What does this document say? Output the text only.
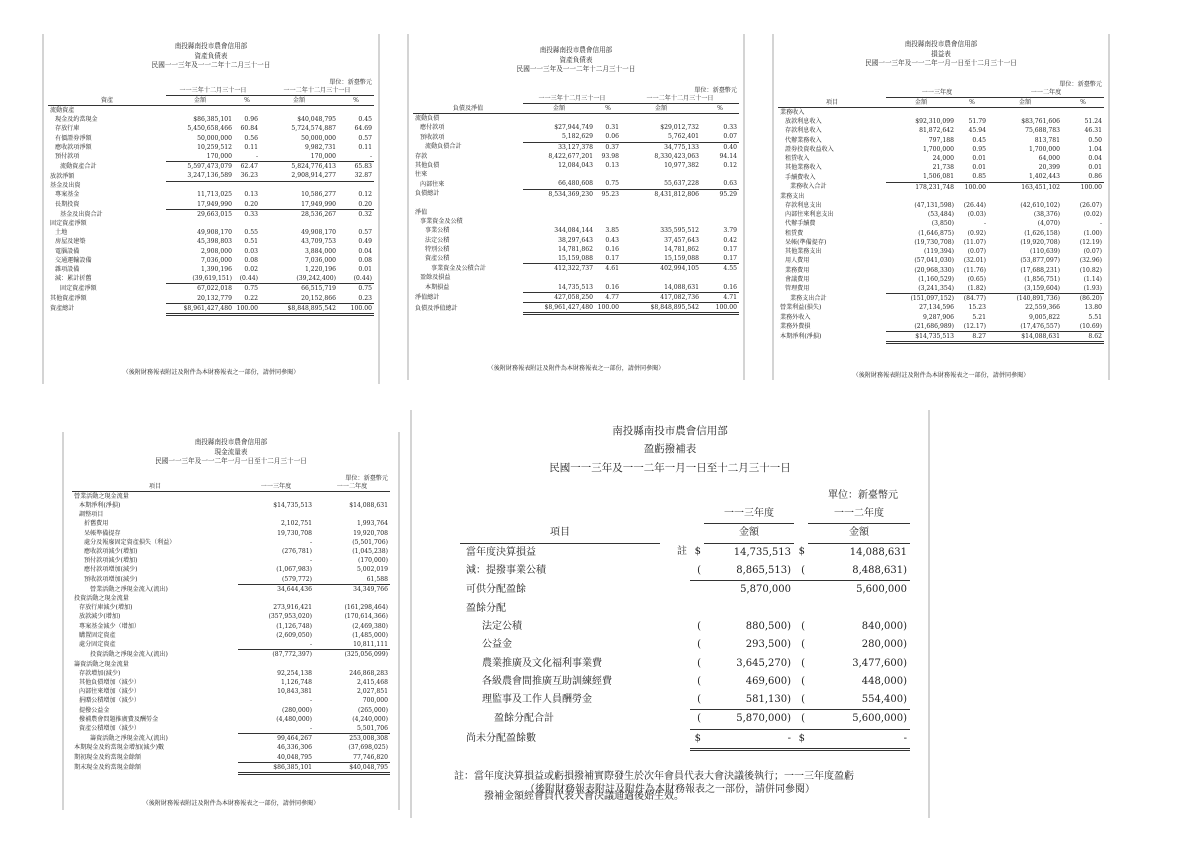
南投縣南投市農會信用部
資產負債表
民國一一三年及一一二年十二月三十一日
單位：新臺幣元
	一一三年十二月三十一日		一一二年十二月三十一日	
資產	金額	%	金額	%
流動資產				
現金及約當現金	$86,385,101	0.96	$40,048,795	0.45
存放行庫	5,450,658,466	60.84	5,724,574,887	64.69
有價證券淨額	50,000,000	0.56	50,000,000	0.57
應收款項淨額	10,259,512	0.11	9,982,731	0.11
預付款項	170,000	-	170,000	-
流動資產合計	5,597,473,079	62.47	5,824,776,413	65.83
放款淨額	3,247,136,589	36.23	2,908,914,277	32.87
基金及出資				
專案基金	11,713,025	0.13	10,586,277	0.12
長期投資	17,949,990	0.20	17,949,990	0.20
基金及出資合計	29,663,015	0.33	28,536,267	0.32
固定資產淨額				
土地	49,908,170	0.55	49,908,170	0.57
房屋及建築	45,398,803	0.51	43,709,753	0.49
電腦設備	2,908,000	0.03	3,884,000	0.04
交通運輸設備	7,036,000	0.08	7,036,000	0.08
雜項設備	1,390,196	0.02	1,220,196	0.01
減：累計折舊	(39,619,151)	(0.44)	(39,242,400)	(0.44)
固定資產淨額	67,022,018	0.75	66,515,719	0.75
其他資產淨額	20,132,779	0.22	20,152,866	0.23
資產總計	$8,961,427,480	100.00	$8,848,895,542	100.00
（後附財務報表附註及附件為本財務報表之一部份，請併同參閱）
南投縣南投市農會信用部
資產負債表
民國一一三年及一一二年十二月三十一日
單位：新臺幣元
	一一三年十二月三十一日		一一二年十二月三十一日	
負債及淨值	金額	%	金額	%
流動負債				
應付款項	$27,944,749	0.31	$29,012,732	0.33
預收款項	5,182,629	0.06	5,762,401	0.07
流動負債合計	33,127,378	0.37	34,775,133	0.40
存款	8,422,677,201	93.98	8,330,423,063	94.14
其他負債	12,084,043	0.13	10,977,382	0.12
往來				
內部往來	66,480,608	0.75	55,637,228	0.63
負債總計	8,534,369,230	95.23	8,431,812,806	95.29

淨值				
事業資金及公積				
事業公積	344,084,144	3.85	335,595,512	3.79
法定公積	38,297,643	0.43	37,457,643	0.42
特別公積	14,781,862	0.16	14,781,862	0.17
資產公積	15,159,088	0.17	15,159,088	0.17
事業資金及公積合計	412,322,737	4.61	402,994,105	4.55
盈餘及損益				
本期損益	14,735,513	0.16	14,088,631	0.16
淨值總計	427,058,250	4.77	417,082,736	4.71
負債及淨值總計	$8,961,427,480	100.00	$8,848,895,542	100.00
（後附財務報表附註及附件為本財務報表之一部份，請併同參閱）
南投縣南投市農會信用部
損益表
民國一一三年及一一二年一月一日至十二月三十一日
單位：新臺幣元
	一一三年度		一一二年度	
項目	金額	%	金額	%
業務收入				
放款利息收入	$92,310,099	51.79	$83,761,606	51.24
存款利息收入	81,872,642	45.94	75,688,783	46.31
代辦業務收入	797,188	0.45	813,781	0.50
證券投資收益收入	1,700,000	0.95	1,700,000	1.04
租賃收入	24,000	0.01	64,000	0.04
其他業務收入	21,738	0.01	20,399	0.01
手續費收入	1,506,081	0.85	1,402,443	0.86
業務收入合計	178,231,748	100.00	163,451,102	100.00
業務支出				
存款利息支出	(47,131,598)	(26.44)	(42,610,102)	(26.07)
內部往來利息支出	(53,484)	(0.03)	(38,376)	(0.02)
代辦手續費	(3,850)	-	(4,070)	-
租賃費	(1,646,875)	(0.92)	(1,626,158)	(1.00)
呆帳(準備提存)	(19,730,708)	(11.07)	(19,920,708)	(12.19)
其他業務支出	(119,394)	(0.07)	(110,639)	(0.07)
用人費用	(57,041,030)	(32.01)	(53,877,097)	(32.96)
業務費用	(20,968,330)	(11.76)	(17,688,231)	(10.82)
會議費用	(1,160,529)	(0.65)	(1,856,751)	(1.14)
管理費用	(3,241,354)	(1.82)	(3,159,604)	(1.93)
業務支出合計	(151,097,152)	(84.77)	(140,891,736)	(86.20)
營業利益(損失)	27,134,596	15.23	22,559,366	13.80
業務外收入	9,287,906	5.21	9,005,822	5.51
業務外費損	(21,686,989)	(12.17)	(17,476,557)	(10.69)
本期淨利(淨損)	$14,735,513	8.27	$14,088,631	8.62
（後附財務報表附註及附件為本財務報表之一部份，請併同參閱）
南投縣南投市農會信用部
現金流量表
民國一一三年及一一二年一月一日至十二月三十一日
單位：新臺幣元
項目	一一三年度	一一二年度
營業活動之現金流量		
本期淨利(淨損)	$14,735,513	$14,088,631
調整項目		
折舊費用	2,102,751	1,993,764
呆帳準備提存	19,730,708	19,920,708
處分及報廢固定資產損失（利益）	-	(5,501,706)
應收款項減少(增加)	(276,781)	(1,045,238)
預付款項減少(增加)	-	(170,000)
應付款項增加(減少)	(1,067,983)	5,002,019
預收款項增加(減少)	(579,772)	61,588
營業活動之淨現金流入(流出)	34,644,436	34,349,766
投資活動之現金流量		
存放行庫減少(增加)	273,916,421	(161,298,464)
放款減少(增加)	(357,953,020)	(170,614,366)
專案基金減少（增加）	(1,126,748)	(2,469,380)
購置固定資產	(2,609,050)	(1,485,000)
處分固定資產	-	10,811,111
投資活動之淨現金流入(流出)	(87,772,397)	(325,056,099)
籌資活動之現金流量		
存款增加(減少)	92,254,138	246,868,283
其他負債增加（減少）	1,126,748	2,415,468
內部往來增加（減少）	10,843,381	2,027,851
捐贈公積增加（減少）	-	700,000
提撥公益金	(280,000)	(265,000)
撥補農會問題推廣費及酬勞金	(4,480,000)	(4,240,000)
資產公積增加（減少）	-	5,501,706
籌資活動之淨現金流入(流出)	99,464,267	253,008,308
本期現金及約當現金增加(減少)數	46,336,306	(37,698,025)
期初現金及約當現金餘額	40,048,795	77,746,820
期末現金及約當現金餘額	$86,385,101	$40,048,795
（後附財務報表附註及附件為本財務報表之一部份，請併同參閱）
南投縣南投市農會信用部
盈虧撥補表
民國一一三年及一一二年一月一日至十二月三十一日
單位：新臺幣元
			一一三年度		一一二年度
項目			金額		金額
當年度決算損益	註	$	14,735,513	$	14,088,631
減：提撥事業公積		(	8,865,513)	(	8,488,631)
可供分配盈餘			5,870,000		5,600,000
盈餘分配					
法定公積		(	880,500)	(	840,000)
公益金		(	293,500)	(	280,000)
農業推廣及文化福利事業費		(	3,645,270)	(	3,477,600)
各級農會間推廣互助訓練經費		(	469,600)	(	448,000)
理監事及工作人員酬勞金		(	581,130)	(	554,400)
盈餘分配合計		(	5,870,000)	(	5,600,000)
尚未分配盈餘數		$	-	$	-
註：當年度決算損益或虧損撥補實際發生於次年會員代表大會決議後執行；一一三年度盈虧
撥補金額經會員代表大會決議通過後始生效。
（後附財務報表附註及附件為本財務報表之一部份，請併同參閱）
